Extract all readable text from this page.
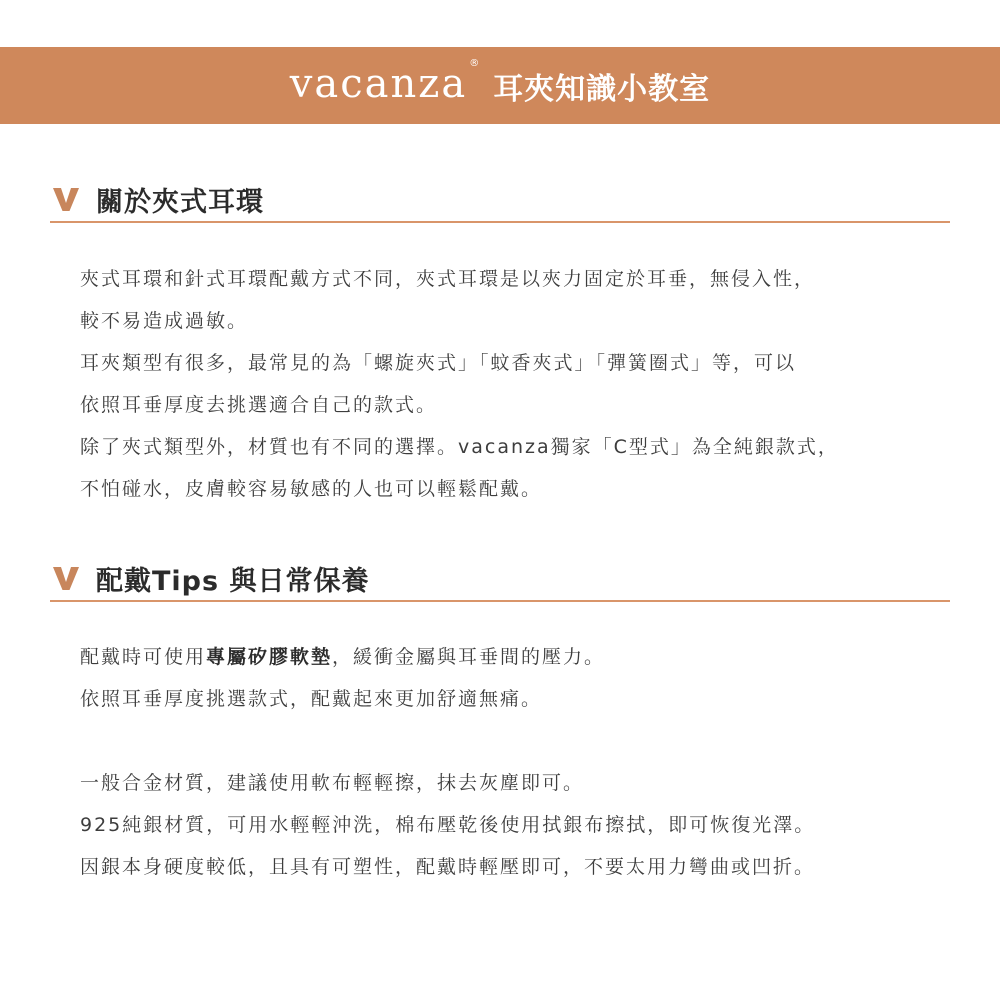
vacanza ®
耳夾知識小教室
關於夾式耳環
夾式耳環和針式耳環配戴方式不同，夾式耳環是以夾力固定於耳垂，無侵入性，
較不易造成過敏。
耳夾類型有很多，最常見的為「螺旋夾式」「蚊香夾式」「彈簧圈式」等，可以
依照耳垂厚度去挑選適合自己的款式。
除了夾式類型外，材質也有不同的選擇。vacanza獨家「C型式」為全純銀款式，
不怕碰水，皮膚較容易敏感的人也可以輕鬆配戴。
配戴Tips 與日常保養
配戴時可使用專屬矽膠軟墊，緩衝金屬與耳垂間的壓力。
依照耳垂厚度挑選款式，配戴起來更加舒適無痛。
一般合金材質，建議使用軟布輕輕擦，抹去灰塵即可。
925純銀材質，可用水輕輕沖洗，棉布壓乾後使用拭銀布擦拭，即可恢復光澤。
因銀本身硬度較低，且具有可塑性，配戴時輕壓即可，不要太用力彎曲或凹折。
